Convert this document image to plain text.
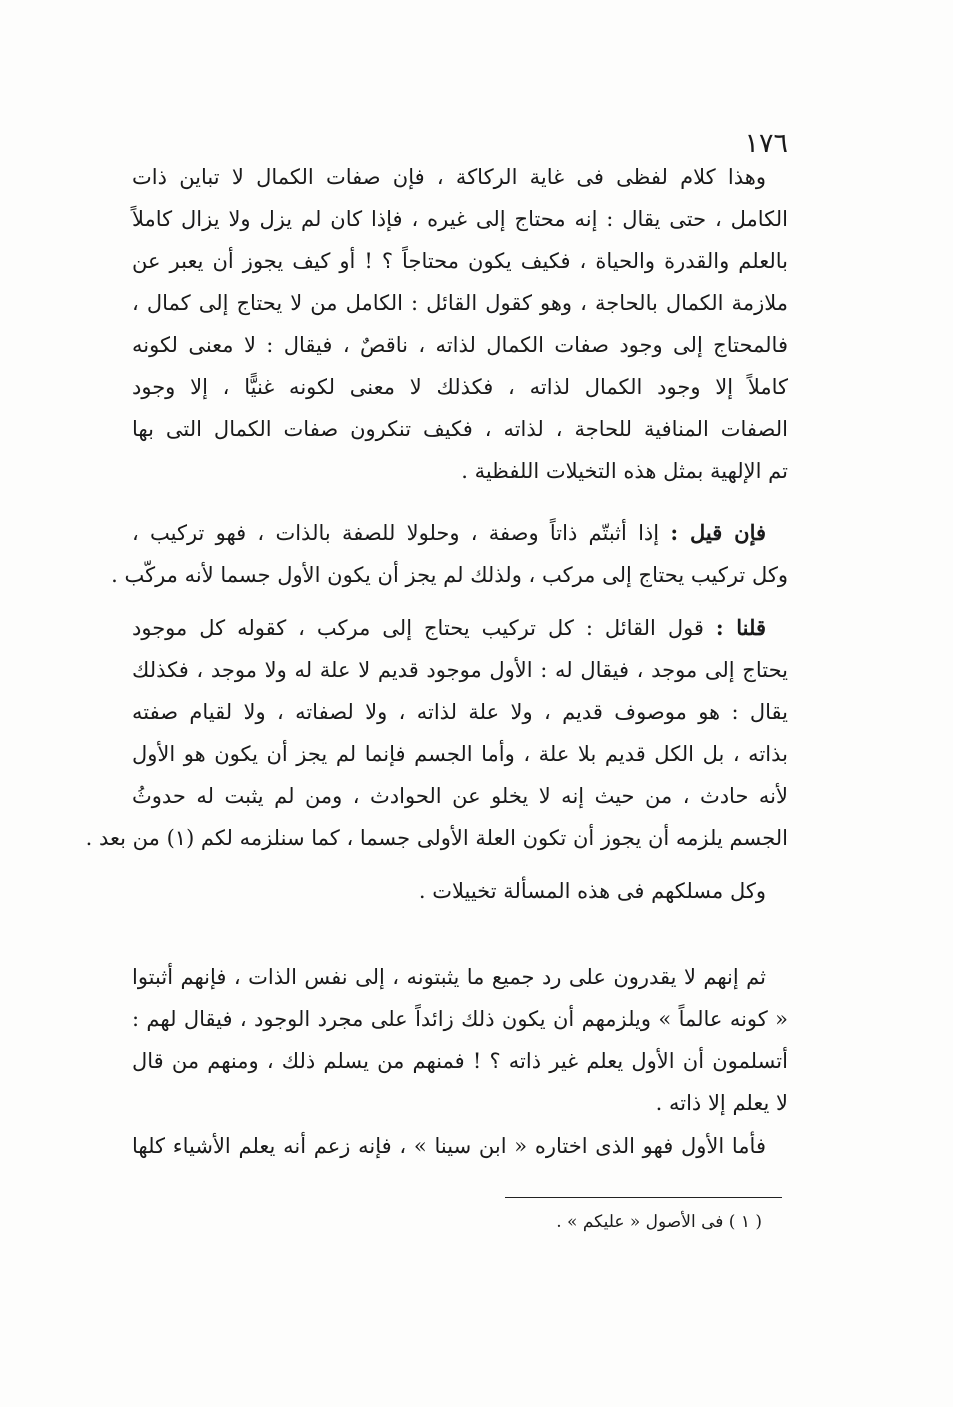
١٧٦
وهذا كلام لفظى فى غاية الركاكة ، فإن صفات الكمال لا تباين ذات
الكامل ، حتى يقال : إنه محتاج إلى غيره ، فإذا كان لم يزل ولا يزال كاملاً
بالعلم والقدرة والحياة ، فكيف يكون محتاجاً ؟ ! أو كيف يجوز أن يعبر عن
ملازمة الكمال بالحاجة ، وهو كقول القائل : الكامل من لا يحتاج إلى كمال ،
فالمحتاج إلى وجود صفات الكمال لذاته ، ناقصٌ ، فيقال : لا معنى لكونه
كاملاً إلا وجود الكمال لذاته ، فكذلك لا معنى لكونه غنيًّا ، إلا وجود
الصفات المنافية للحاجة ، لذاته ، فكيف تنكرون صفات الكمال التى بها
تم الإلهية بمثل هذه التخيلات اللفظية .
فإن قيل : إذا أثبتّم ذاتاً وصفة ، وحلولا للصفة بالذات ، فهو تركيب ،
وكل تركيب يحتاج إلى مركب ، ولذلك لم يجز أن يكون الأول جسما لأنه مركّب .
قلنا : قول القائل : كل تركيب يحتاج إلى مركب ، كقوله كل موجود
يحتاج إلى موجد ، فيقال له : الأول موجود قديم لا علة له ولا موجد ، فكذلك
يقال : هو موصوف قديم ، ولا علة لذاته ، ولا لصفاته ، ولا لقيام صفته
بذاته ، بل الكل قديم بلا علة ، وأما الجسم فإنما لم يجز أن يكون هو الأول
لأنه حادث ، من حيث إنه لا يخلو عن الحوادث ، ومن لم يثبت له حدوثُ
الجسم يلزمه أن يجوز أن تكون العلة الأولى جسما ، كما سنلزمه لكم (١) من بعد .
وكل مسلكهم فى هذه المسألة تخييلات .
ثم إنهم لا يقدرون على رد جميع ما يثبتونه ، إلى نفس الذات ، فإنهم أثبتوا
« كونه عالماً » ويلزمهم أن يكون ذلك زائداً على مجرد الوجود ، فيقال لهم :
أتسلمون أن الأول يعلم غير ذاته ؟ ! فمنهم من يسلم ذلك ، ومنهم من قال
لا يعلم إلا ذاته .
فأما الأول فهو الذى اختاره « ابن سينا » ، فإنه زعم أنه يعلم الأشياء كلها
( ١ ) فى الأصول « عليكم » .
